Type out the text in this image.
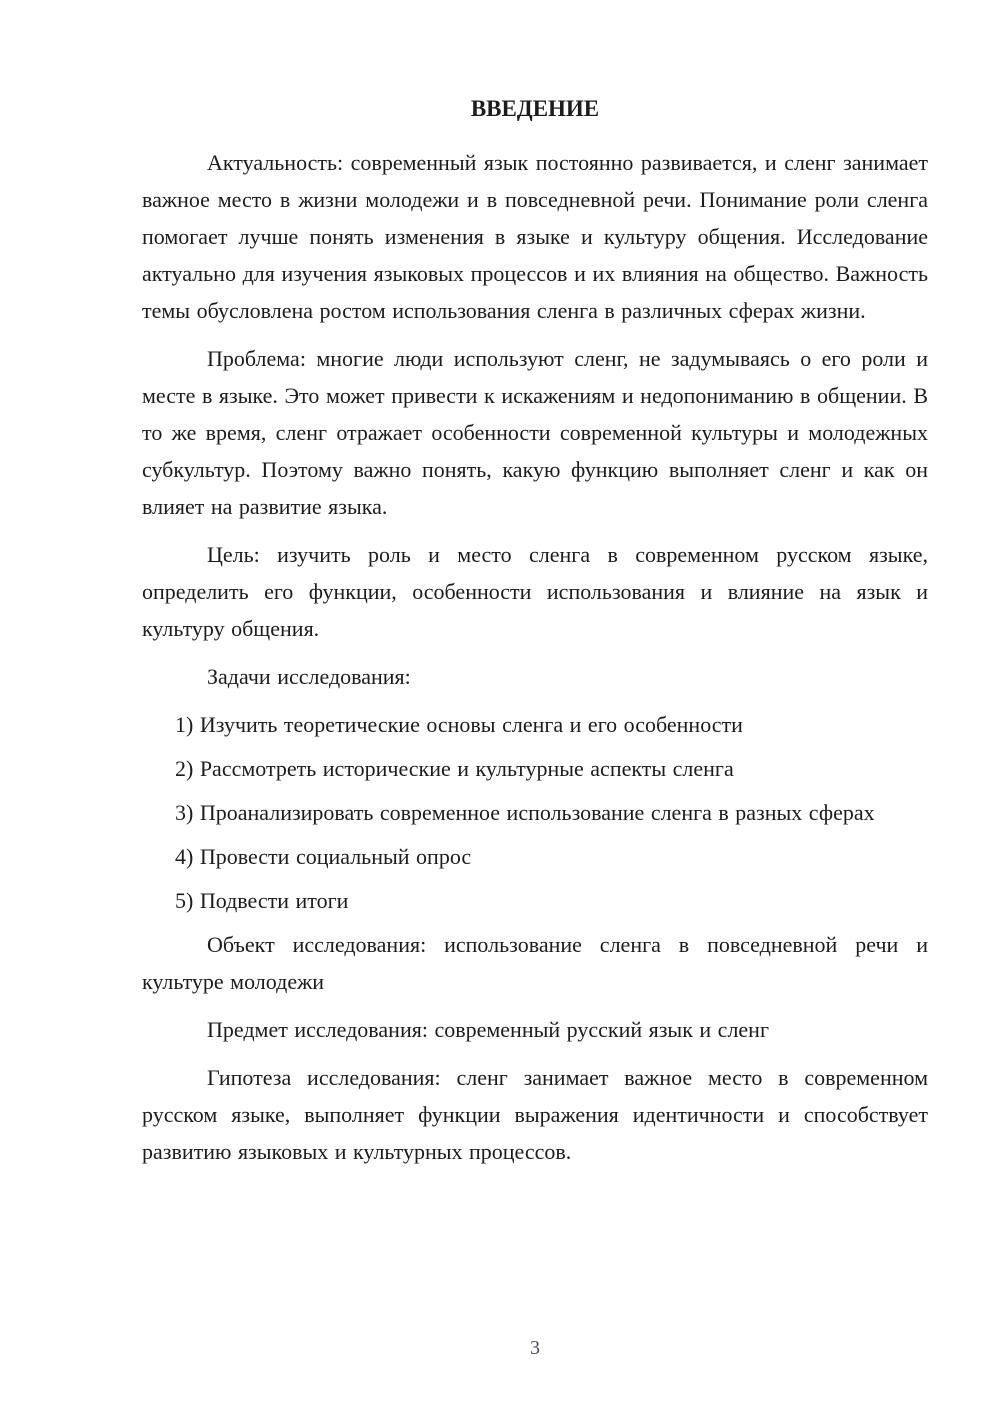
ВВЕДЕНИЕ

Актуальность: современный язык постоянно развивается, и сленг занимает важное место в жизни молодежи и в повседневной речи. Понимание роли сленга помогает лучше понять изменения в языке и культуру общения. Исследование актуально для изучения языковых процессов и их влияния на общество. Важность темы обусловлена ростом использования сленга в различных сферах жизни.

Проблема: многие люди используют сленг, не задумываясь о его роли и месте в языке. Это может привести к искажениям и недопониманию в общении. В то же время, сленг отражает особенности современной культуры и молодежных субкультур. Поэтому важно понять, какую функцию выполняет сленг и как он влияет на развитие языка.

Цель: изучить роль и место сленга в современном русском языке, определить его функции, особенности использования и влияние на язык и культуру общения.

Задачи исследования:

1) Изучить теоретические основы сленга и его особенности

2) Рассмотреть исторические и культурные аспекты сленга

3) Проанализировать современное использование сленга в разных сферах

4) Провести социальный опрос

5) Подвести итоги

Объект исследования: использование сленга в повседневной речи и культуре молодежи

Предмет исследования: современный русский язык и сленг

Гипотеза исследования: сленг занимает важное место в современном русском языке, выполняет функции выражения идентичности и способствует развитию языковых и культурных процессов.

3
